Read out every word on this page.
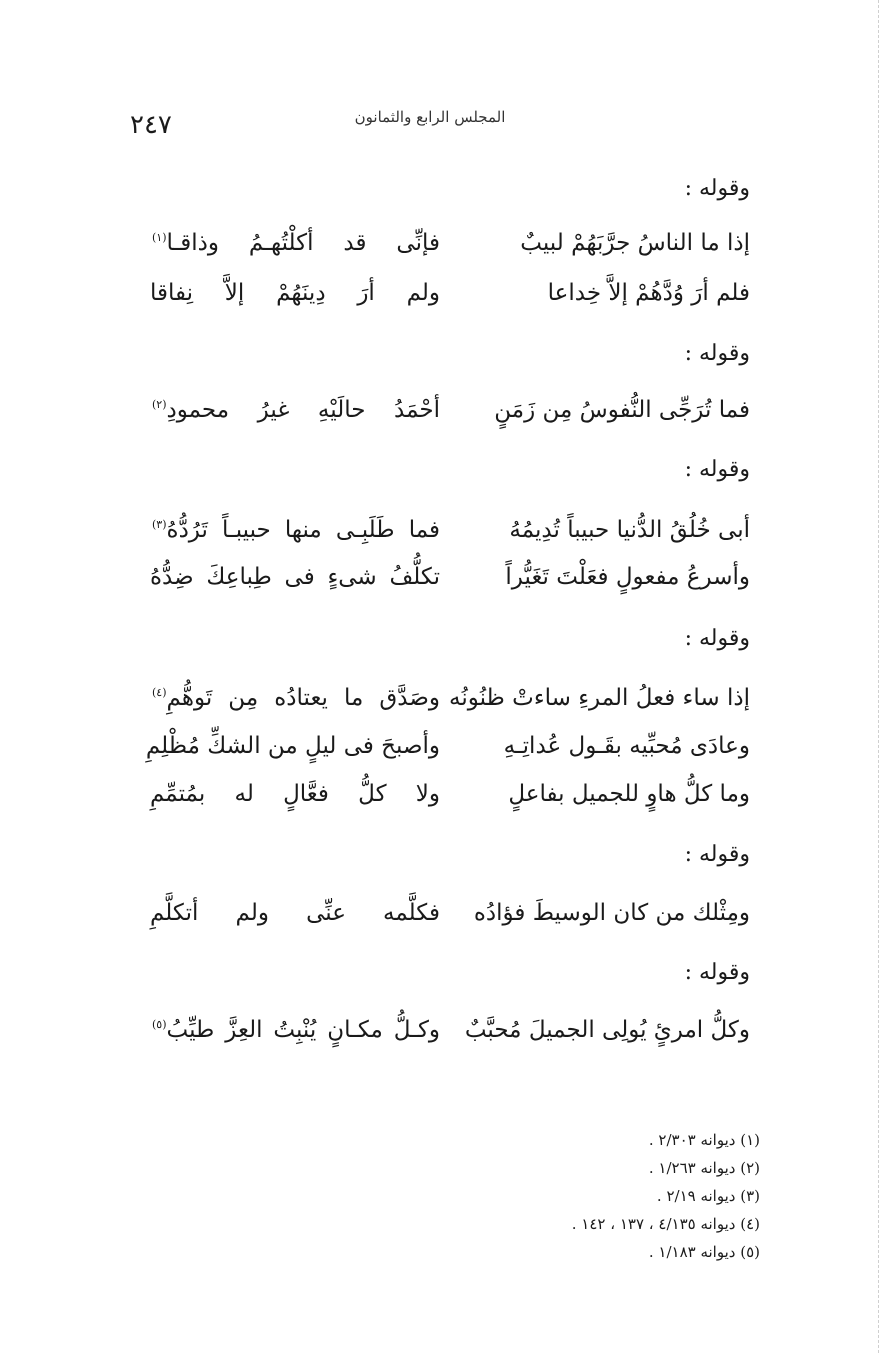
٢٤٧	المجلس الرابع والثمانون
وقوله :
إذا ما الناسُ جرَّبَهُمْ لبيبٌ
فإنِّى قد أكلْتُهـمُ وذاقـا$^{(١)}$
فلم أرَ وُدَّهُمْ إلاَّ خِداعا
ولم أرَ دِينَهُمْ إلاَّ نِفاقا
وقوله :
فما تُرَجِّى النُّفوسُ مِن زَمَنٍ
أحْمَدُ حالَيْهِ غيرُ محمودِ$^{(٢)}$
وقوله :
أبى خُلُقُ الدُّنيا حبيباً تُدِيمُهُ
فما طَلَبِـى منها حبيبـاً تَرُدُّهُ$^{(٣)}$
وأسرعُ مفعولٍ فعَلْتَ تَغَيُّراً
تكلُّفُ شىءٍ فى طِباعِكَ ضِدُّهُ
وقوله :
إذا ساء فعلُ المرءِ ساءتْ ظنُونُه
وصَدَّق ما يعتادُه مِن تَوهُّمِ$^{(٤)}$
وعادَى مُحبِّيه بقَـول عُداتِـهِ
وأصبحَ فى ليلٍ من الشكِّ مُظْلِمِ
وما كلُّ هاوٍ للجميل بفاعلٍ
ولا كلُّ فعَّالٍ له بمُتمِّمِ
وقوله :
ومِثْلك من كان الوسيطَ فؤادُه
فكلَّمه عنِّى ولم أتكلَّمِ
وقوله :
وكلُّ امرئٍ يُولِى الجميلَ مُحبَّبٌ
وكـلُّ مكـانٍ يُنْبِتُ العِزَّ طيِّبُ$^{(٥)}$
(١) ديوانه ٢/٣٠٣ .
(٢) ديوانه ١/٢٦٣ .
(٣) ديوانه ٢/١٩ .
(٤) ديوانه ٤/١٣٥ ، ١٣٧ ، ١٤٢ .
(٥) ديوانه ١/١٨٣ .
